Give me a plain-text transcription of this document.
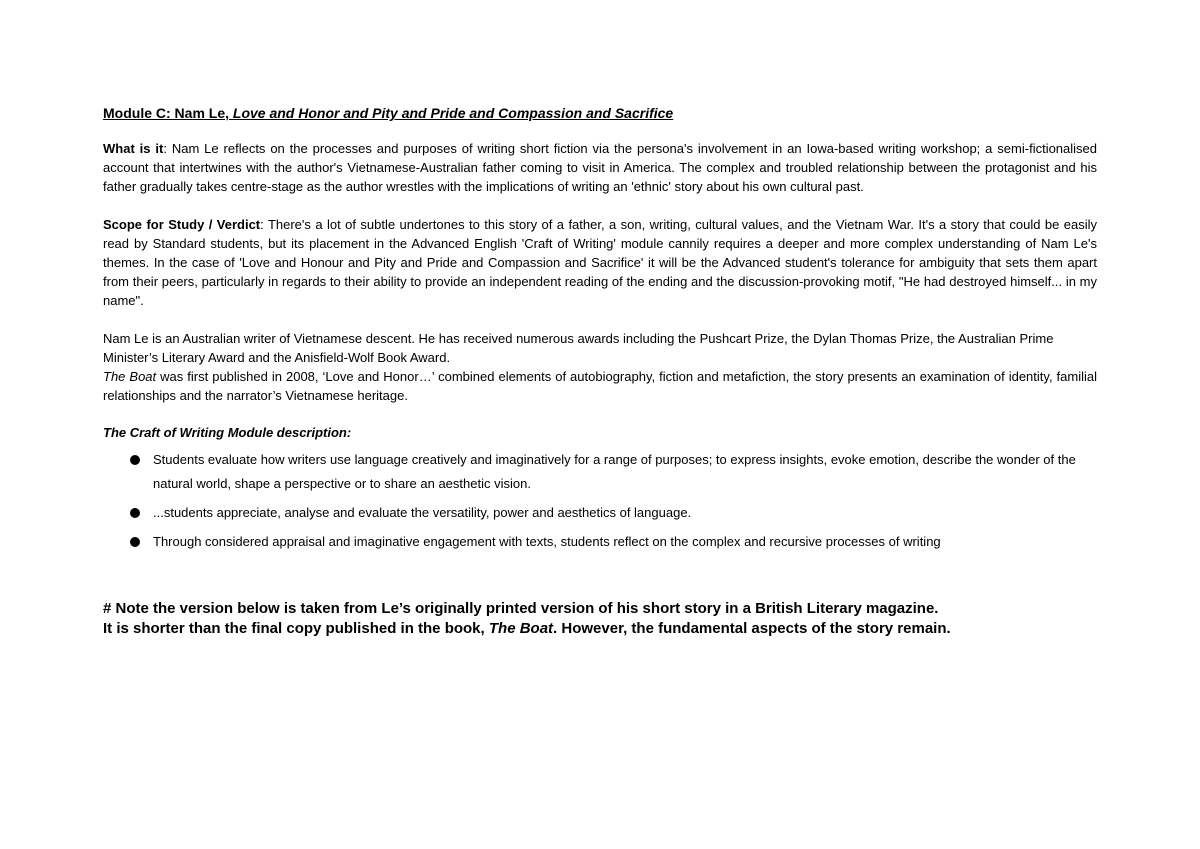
Module C: Nam Le, Love and Honor and Pity and Pride and Compassion and Sacrifice

What is it: Nam Le reflects on the processes and purposes of writing short fiction via the persona's involvement in an Iowa-based writing workshop; a semi-fictionalised account that intertwines with the author's Vietnamese-Australian father coming to visit in America. The complex and troubled relationship between the protagonist and his father gradually takes centre-stage as the author wrestles with the implications of writing an 'ethnic' story about his own cultural past.

Scope for Study / Verdict: There's a lot of subtle undertones to this story of a father, a son, writing, cultural values, and the Vietnam War. It's a story that could be easily read by Standard students, but its placement in the Advanced English 'Craft of Writing' module cannily requires a deeper and more complex understanding of Nam Le's themes. In the case of 'Love and Honour and Pity and Pride and Compassion and Sacrifice' it will be the Advanced student's tolerance for ambiguity that sets them apart from their peers, particularly in regards to their ability to provide an independent reading of the ending and the discussion-provoking motif, "He had destroyed himself... in my name".

Nam Le is an Australian writer of Vietnamese descent. He has received numerous awards including the Pushcart Prize, the Dylan Thomas Prize, the Australian Prime Minister’s Literary Award and the Anisfield-Wolf Book Award.

The Boat was first published in 2008, ‘Love and Honor…’ combined elements of autobiography, fiction and metafiction, the story presents an examination of identity, familial relationships and the narrator’s Vietnamese heritage.

The Craft of Writing Module description:
Students evaluate how writers use language creatively and imaginatively for a range of purposes; to express insights, evoke emotion, describe the wonder of the natural world, shape a perspective or to share an aesthetic vision.
...students appreciate, analyse and evaluate the versatility, power and aesthetics of language.
Through considered appraisal and imaginative engagement with texts, students reflect on the complex and recursive processes of writing
# Note the version below is taken from Le’s originally printed version of his short story in a British Literary magazine.
It is shorter than the final copy published in the book, The Boat. However, the fundamental aspects of the story remain.
